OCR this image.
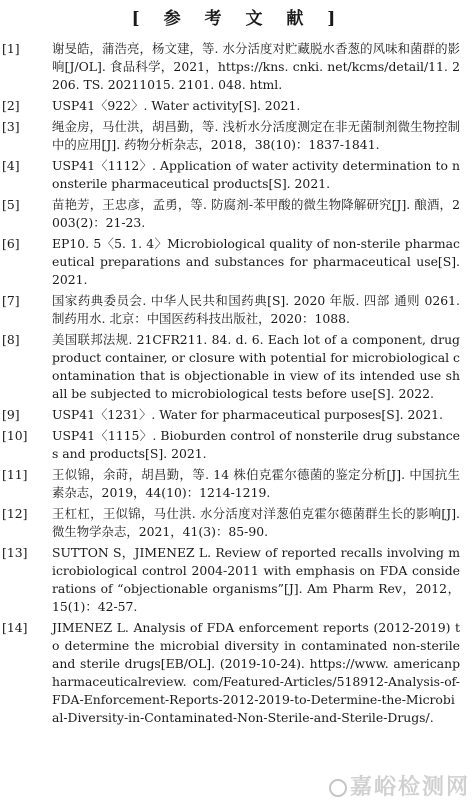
[ 参 考 文 献 ]
[1]	谢旻皓，蒲浩亮，杨文建，等. 水分活度对贮藏脱水香葱的风味和菌群的影响[J/OL]. 食品科学，2021，https://kns. cnki. net/kcms/detail/11. 2206. TS. 20211015. 2101. 048. html.
[2]	USP41〈922〉. Water activity[S]. 2021.
[3]	绳金房，马仕洪，胡昌勤，等. 浅析水分活度测定在非无菌制剂微生物控制中的应用[J]. 药物分析杂志，2018，38(10)：1837-1841.
[4]	USP41〈1112〉. Application of water activity determination to nonsterile pharmaceutical products[S]. 2021.
[5]	苗艳芳，王忠彦，孟勇，等. 防腐剂-苯甲酸的微生物降解研究[J]. 酿酒，2003(2)：21-23.
[6]	EP10. 5〈5. 1. 4〉Microbiological quality of non-sterile pharmaceutical preparations and substances for pharmaceutical use[S]. 2021.
[7]	国家药典委员会. 中华人民共和国药典[S]. 2020 年版. 四部 通则 0261. 制药用水. 北京：中国医药科技出版社，2020：1088.
[8]	美国联邦法规. 21CFR211. 84. d. 6. Each lot of a component, drug product container, or closure with potential for microbiological contamination that is objectionable in view of its intended use shall be subjected to microbiological tests before use[S]. 2022.
[9]	USP41〈1231〉. Water for pharmaceutical purposes[S]. 2021.
[10]	USP41〈1115〉. Bioburden control of nonsterile drug substances and products[S]. 2021.
[11]	王似锦，余莳，胡昌勤，等. 14 株伯克霍尔德菌的鉴定分析[J]. 中国抗生素杂志，2019，44(10)：1214-1219.
[12]	王杠杠，王似锦，马仕洪. 水分活度对洋葱伯克霍尔德菌群生长的影响[J]. 微生物学杂志，2021，41(3)：85-90.
[13]	SUTTON S，JIMENEZ L. Review of reported recalls involving microbiological control 2004-2011 with emphasis on FDA considerations of “objectionable organisms”[J]. Am Pharm Rev，2012，15(1)：42-57.
[14]	JIMENEZ L. Analysis of FDA enforcement reports (2012-2019) to determine the microbial diversity in contaminated non-sterile and sterile drugs[EB/OL]. (2019-10-24). https://www. americanpharmaceuticalreview. com/Featured-Articles/518912-Analysis-of-FDA-Enforcement-Reports-2012-2019-to-Determine-the-Microbial-Diversity-in-Contaminated-Non-Sterile-and-Sterile-Drugs/.
嘉峪检测网
